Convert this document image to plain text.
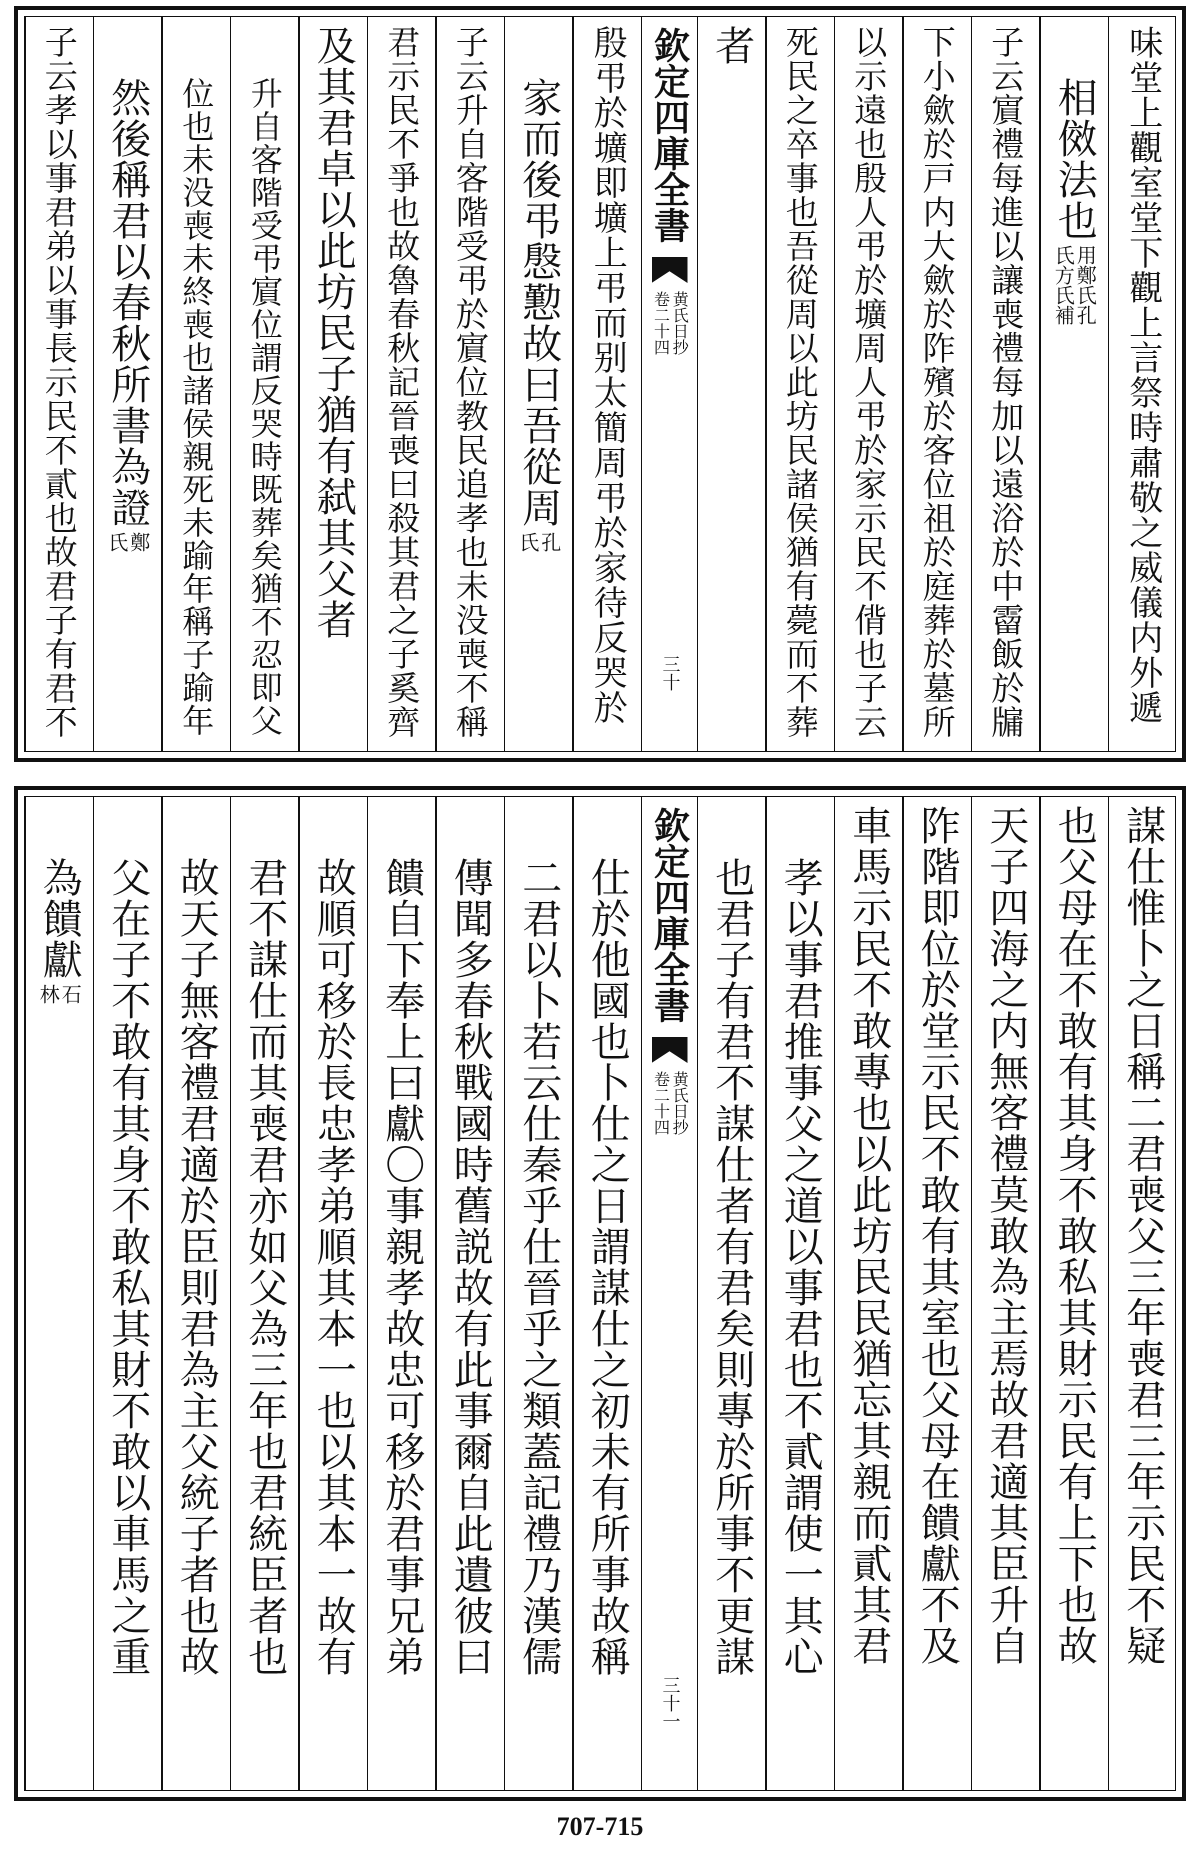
味堂上觀室堂下觀上言祭時肅敬之威儀内外遞
相傚法也
用鄭氏孔
氏方氏補
子云賔禮每進以讓喪禮每加以遠浴於中霤飯於牖
下小歛於戸内大歛於阼殯於客位祖於庭葬於墓所
以示遠也殷人弔於壙周人弔於家示民不偝也子云
死民之卒事也吾從周以此坊民諸侯猶有薨而不葬
者
欽定四庫全書
黄氏日抄
卷二十四
三十
殷弔於壙即壙上弔而别太簡周弔於家待反哭於
家而後弔慇懃故曰吾從周
孔
氏
子云升自客階受弔於賔位教民追孝也未没喪不稱
君示民不爭也故魯春秋記晉喪曰殺其君之子奚齊
及其君卓以此坊民子猶有弑其父者
升自客階受弔賔位謂反哭時既葬矣猶不忍即父
位也未没喪未終喪也諸侯親死未踰年稱子踰年
然後稱君以春秋所書為證
鄭
氏
子云孝以事君弟以事長示民不貳也故君子有君不
謀仕惟卜之日稱二君喪父三年喪君三年示民不疑
也父母在不敢有其身不敢私其財示民有上下也故
天子四海之内無客禮莫敢為主焉故君適其臣升自
阼階即位於堂示民不敢有其室也父母在饋獻不及
車馬示民不敢專也以此坊民民猶忘其親而貳其君
孝以事君推事父之道以事君也不貳謂使一其心
也君子有君不謀仕者有君矣則專於所事不更謀
欽定四庫全書
黄氏日抄
卷二十四
三十一
仕於他國也卜仕之日謂謀仕之初未有所事故稱
二君以卜若云仕秦乎仕晉乎之類蓋記禮乃漢儒
傳聞多春秋戰國時舊説故有此事爾自此遺彼曰
饋自下奉上曰獻〇事親孝故忠可移於君事兄弟
故順可移於長忠孝弟順其本一也以其本一故有
君不謀仕而其喪君亦如父為三年也君統臣者也
故天子無客禮君適於臣則君為主父統子者也故
父在子不敢有其身不敢私其財不敢以車馬之重
為饋獻
石
林
707-715
